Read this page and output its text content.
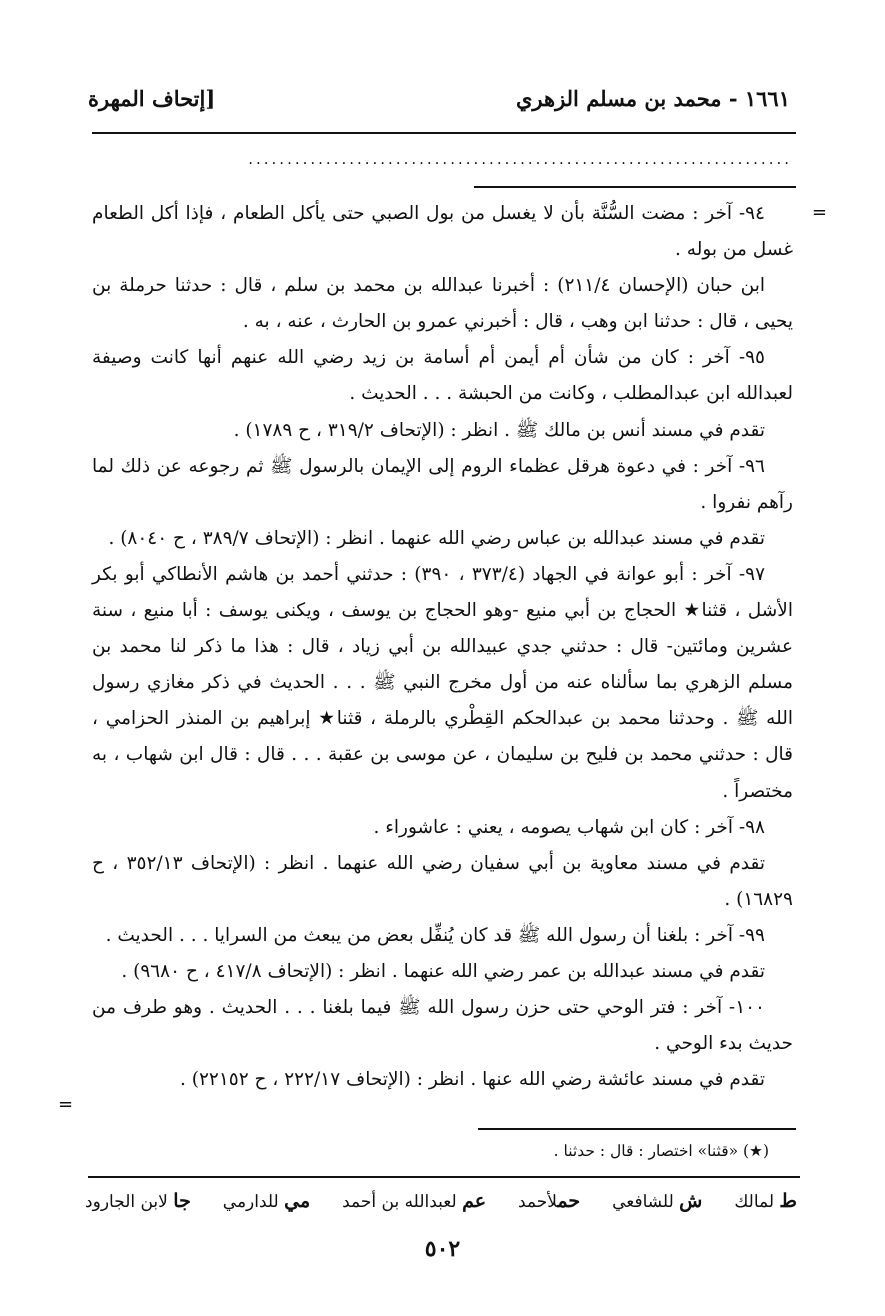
١٦٦١ - محمد بن مسلم الزهري
[إتحاف المهرة
......................................................................
=
=

٩٤- آخر : مضت السُّنَّة بأن لا يغسل من بول الصبي حتى يأكل الطعام ، فإذا أكل الطعام غسل من بوله .

ابن حبان (الإحسان ٢١١/٤) : أخبرنا عبدالله بن محمد بن سلم ، قال : حدثنا حرملة بن يحيى ، قال : حدثنا ابن وهب ، قال : أخبرني عمرو بن الحارث ، عنه ، به .

٩٥- آخر : كان من شأن أم أيمن أم أسامة بن زيد رضي الله عنهم أنها كانت وصيفة لعبدالله ابن عبدالمطلب ، وكانت من الحبشة . . . الحديث .

تقدم في مسند أنس بن مالك ﷺ . انظر : (الإتحاف ٣١٩/٢ ، ح ١٧٨٩) .

٩٦- آخر : في دعوة هرقل عظماء الروم إلى الإيمان بالرسول ﷺ ثم رجوعه عن ذلك لما رآهم نفروا .

تقدم في مسند عبدالله بن عباس رضي الله عنهما . انظر : (الإتحاف ٣٨٩/٧ ، ح ٨٠٤٠) .

٩٧- آخر : أبو عوانة في الجهاد (٣٧٣/٤ ، ٣٩٠) : حدثني أحمد بن هاشم الأنطاكي أبو بكر الأشل ، قثنا★ الحجاج بن أبي منيع -وهو الحجاج بن يوسف ، ويكنى يوسف : أبا منيع ، سنة عشرين ومائتين- قال : حدثني جدي عبيدالله بن أبي زياد ، قال : هذا ما ذكر لنا محمد بن مسلم الزهري بما سألناه عنه من أول مخرج النبي ﷺ . . . الحديث في ذكر مغازي رسول الله ﷺ . وحدثنا محمد بن عبدالحكم القِطْري بالرملة ، قثنا★ إبراهيم بن المنذر الحزامي ، قال : حدثني محمد بن فليح بن سليمان ، عن موسى بن عقبة . . . قال : قال ابن شهاب ، به مختصراً .

٩٨- آخر : كان ابن شهاب يصومه ، يعني : عاشوراء .

تقدم في مسند معاوية بن أبي سفيان رضي الله عنهما . انظر : (الإتحاف ٣٥٢/١٣ ، ح ١٦٨٢٩) .

٩٩- آخر : بلغنا أن رسول الله ﷺ قد كان يُنفِّل بعض من يبعث من السرايا . . . الحديث .

تقدم في مسند عبدالله بن عمر رضي الله عنهما . انظر : (الإتحاف ٤١٧/٨ ، ح ٩٦٨٠) .

١٠٠- آخر : فتر الوحي حتى حزن رسول الله ﷺ فيما بلغنا . . . الحديث . وهو طرف من حديث بدء الوحي .

تقدم في مسند عائشة رضي الله عنها . انظر : (الإتحاف ٢٢٢/١٧ ، ح ٢٢١٥٢) .

(★) «قثنا» اختصار : قال : حدثنا .
ط لمالك
ش للشافعي
حملأحمد
عم لعبدالله بن أحمد
مي للدارمي
جا لابن الجارود
٥٠٢
